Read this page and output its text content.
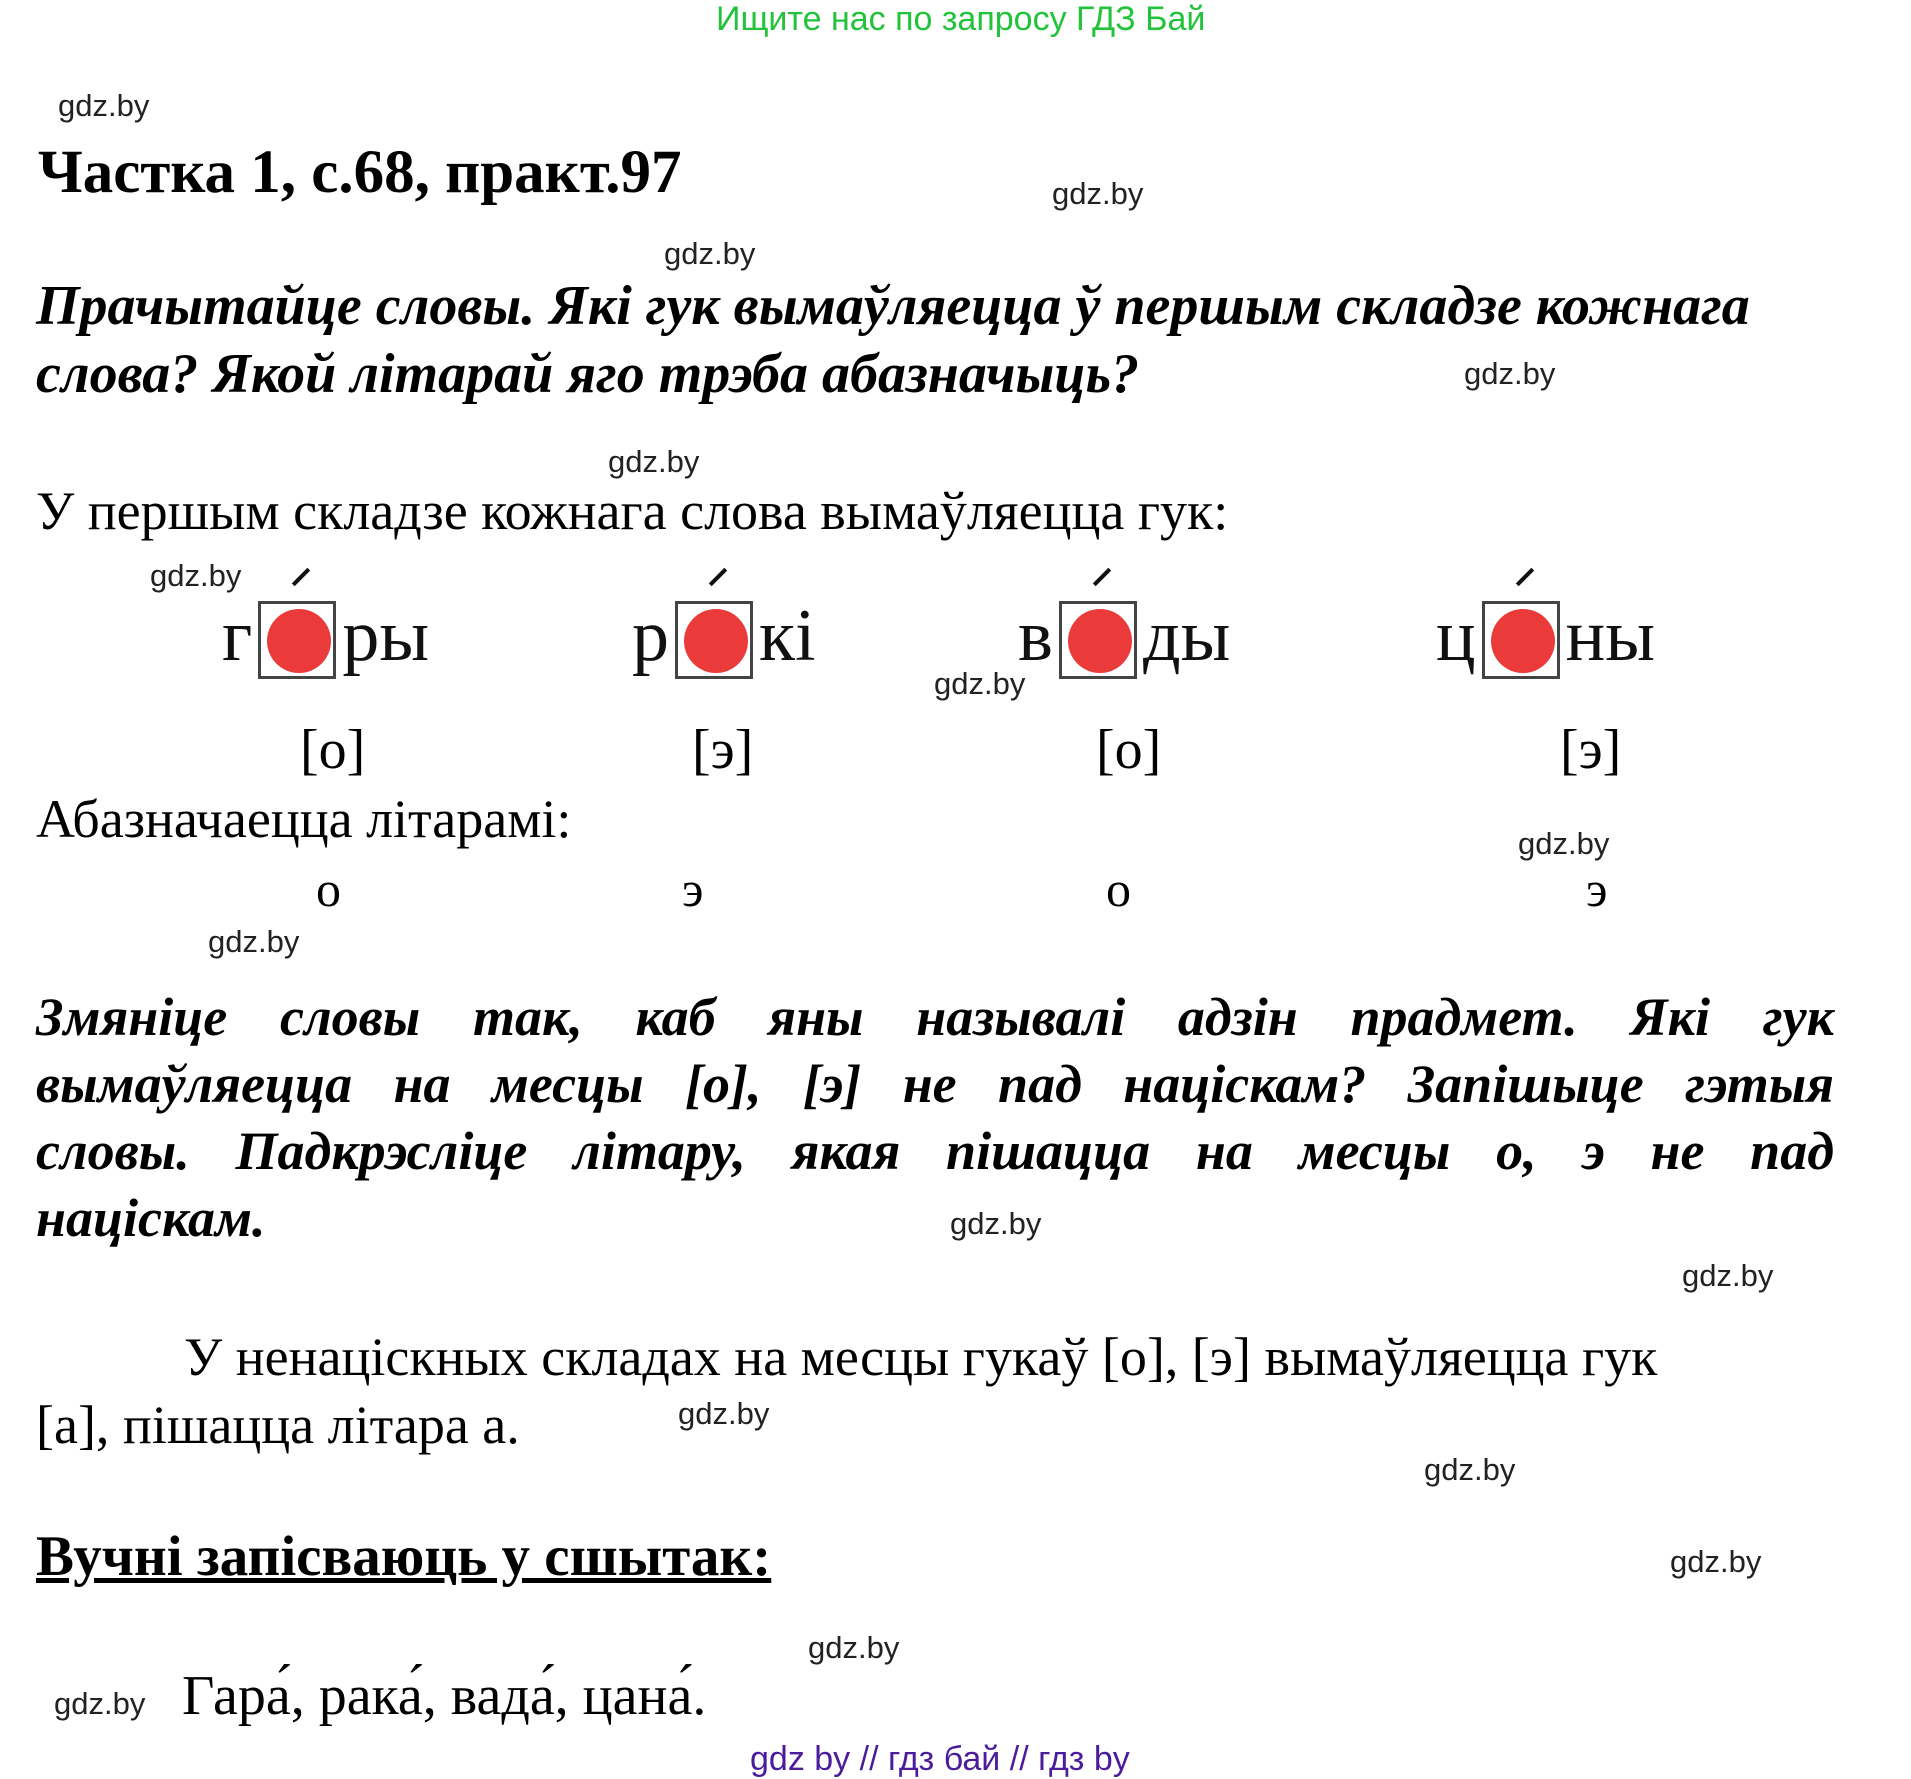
Ищите нас по запросу ГДЗ Бай
gdz.by
gdz.by
gdz.by
gdz.by
gdz.by
gdz.by
gdz.by
gdz.by
gdz.by
gdz.by
gdz.by
gdz.by
gdz.by
gdz.by
gdz.by
gdz.by
Частка 1, с.68, практ.97
Прачытайце словы. Які гук вымаўляецца ў першым складзе кожнага
слова? Якой літарай яго трэба абазначыць?
У першым складзе кожнага слова вымаўляецца гук:
г ры	р кі	в ды	ц ны
[о]	[э]	[о]	[э]
Абазначаецца літарамі:
о	э	о	э
Змяніце словы так, каб яны называлі адзін прадмет. Які гук
вымаўляецца на месцы [о], [э] не пад націскам? Запішыце гэтыя
словы. Падкрэсліце літару, якая пішацца на месцы о, э не пад
націскам.
У ненаціскных складах на месцы гукаў [о], [э] вымаўляецца гук
[а], пішацца літара а.
Вучні запісваюць у сшытак:
Гара́, рака́, вада́, цана́.
gdz by // гдз бай // гдз by
